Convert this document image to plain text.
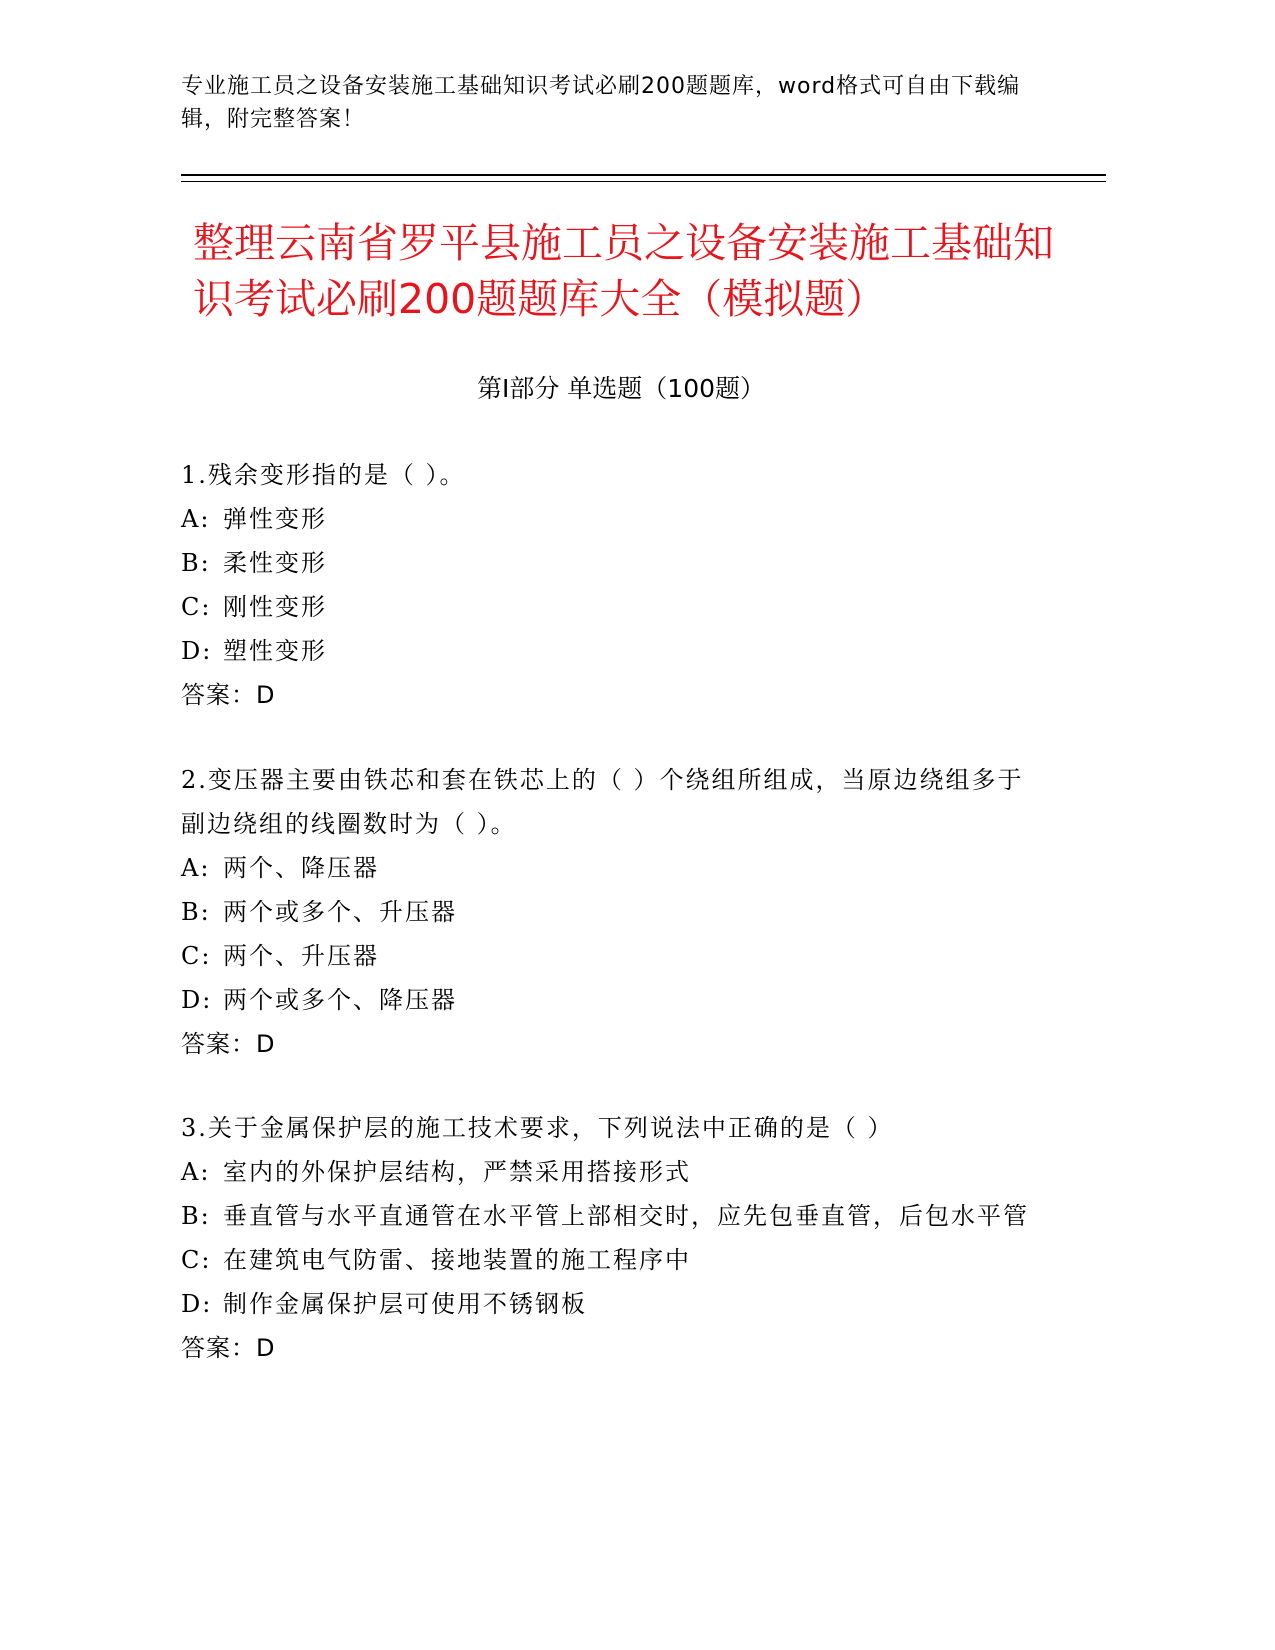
专业施工员之设备安装施工基础知识考试必刷200题题库，word格式可自由下载编辑，附完整答案！
整理云南省罗平县施工员之设备安装施工基础知识考试必刷200题题库大全（模拟题）
第Ⅰ部分 单选题（100题）
1.残余变形指的是（ ）。
A: 弹性变形
B: 柔性变形
C: 刚性变形
D: 塑性变形
答案：D
2.变压器主要由铁芯和套在铁芯上的（ ）个绕组所组成，当原边绕组多于副边绕组的线圈数时为（ ）。
A: 两个、降压器
B: 两个或多个、升压器
C: 两个、升压器
D: 两个或多个、降压器
答案：D
3.关于金属保护层的施工技术要求，下列说法中正确的是（ ）
A: 室内的外保护层结构，严禁采用搭接形式
B: 垂直管与水平直通管在水平管上部相交时，应先包垂直管，后包水平管
C: 在建筑电气防雷、接地装置的施工程序中
D: 制作金属保护层可使用不锈钢板
答案：D
